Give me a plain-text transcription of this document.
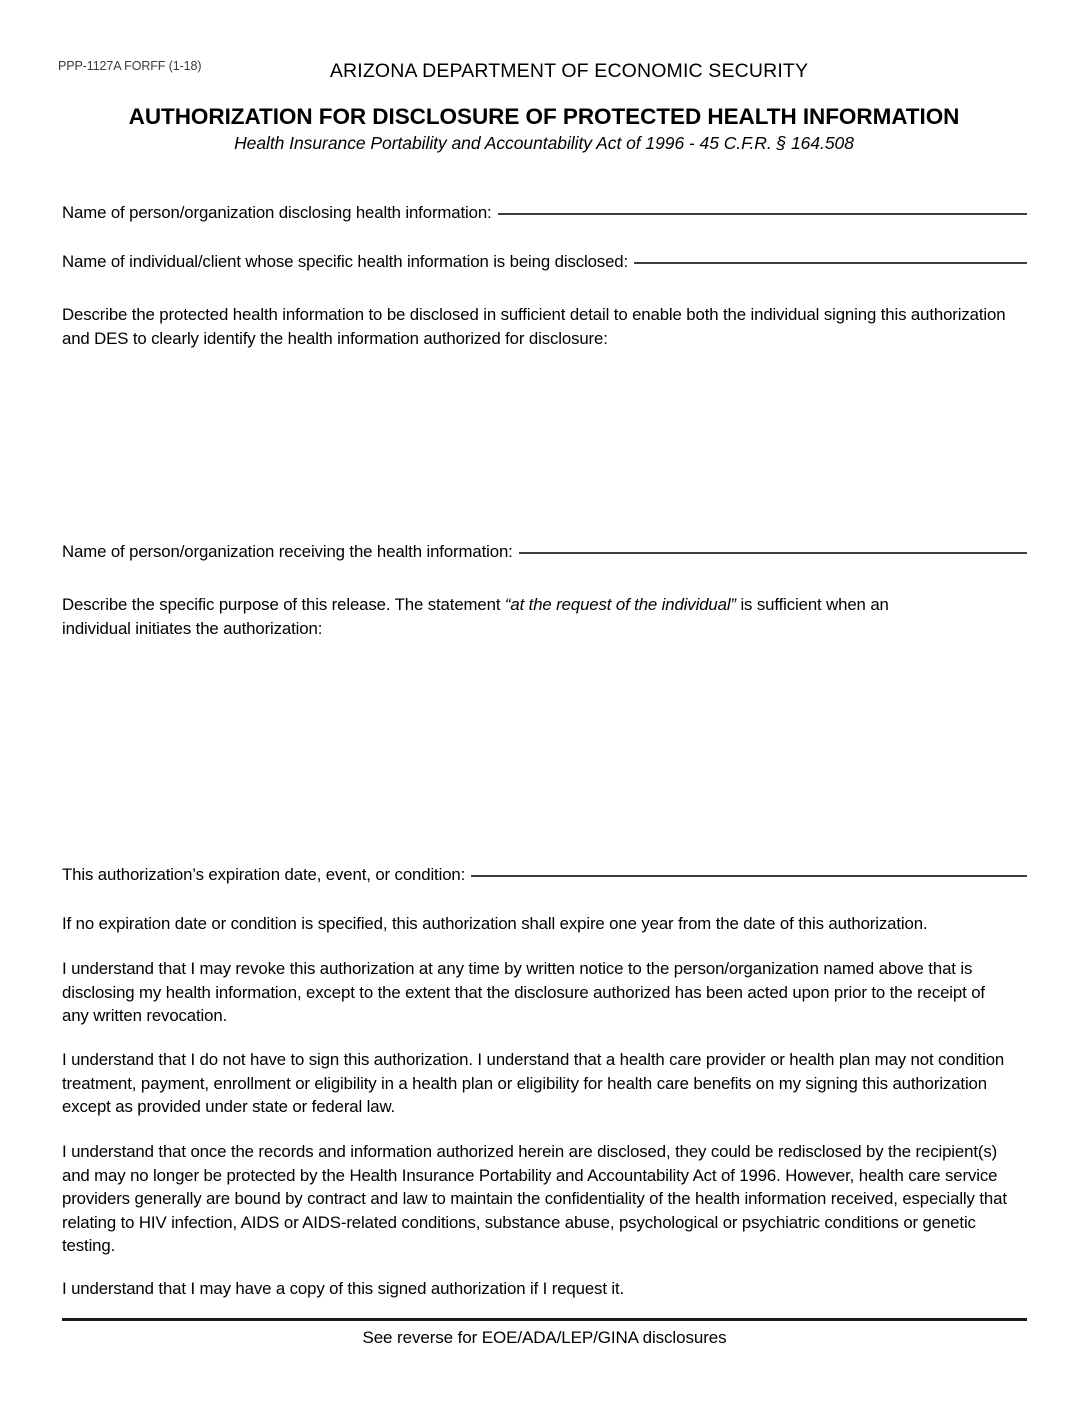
PPP-1127A FORFF (1-18)	ARIZONA DEPARTMENT OF ECONOMIC SECURITY
AUTHORIZATION FOR DISCLOSURE OF PROTECTED HEALTH INFORMATION
Health Insurance Portability and Accountability Act of 1996 - 45 C.F.R. § 164.508
Name of person/organization disclosing health information:
Name of individual/client whose specific health information is being disclosed:
Describe the protected health information to be disclosed in sufficient detail to enable both the individual signing this authorization and DES to clearly identify the health information authorized for disclosure:
Name of person/organization receiving the health information:
Describe the specific purpose of this release. The statement “at the request of the individual” is sufficient when an individual initiates the authorization:
This authorization’s expiration date, event, or condition:
If no expiration date or condition is specified, this authorization shall expire one year from the date of this authorization.
I understand that I may revoke this authorization at any time by written notice to the person/organization named above that is disclosing my health information, except to the extent that the disclosure authorized has been acted upon prior to the receipt of any written revocation.
I understand that I do not have to sign this authorization. I understand that a health care provider or health plan may not condition treatment, payment, enrollment or eligibility in a health plan or eligibility for health care benefits on my signing this authorization except as provided under state or federal law.
I understand that once the records and information authorized herein are disclosed, they could be redisclosed by the recipient(s) and may no longer be protected by the Health Insurance Portability and Accountability Act of 1996. However, health care service providers generally are bound by contract and law to maintain the confidentiality of the health information received, especially that relating to HIV infection, AIDS or AIDS-related conditions, substance abuse, psychological or psychiatric conditions or genetic testing.
I understand that I may have a copy of this signed authorization if I request it.
See reverse for EOE/ADA/LEP/GINA disclosures
